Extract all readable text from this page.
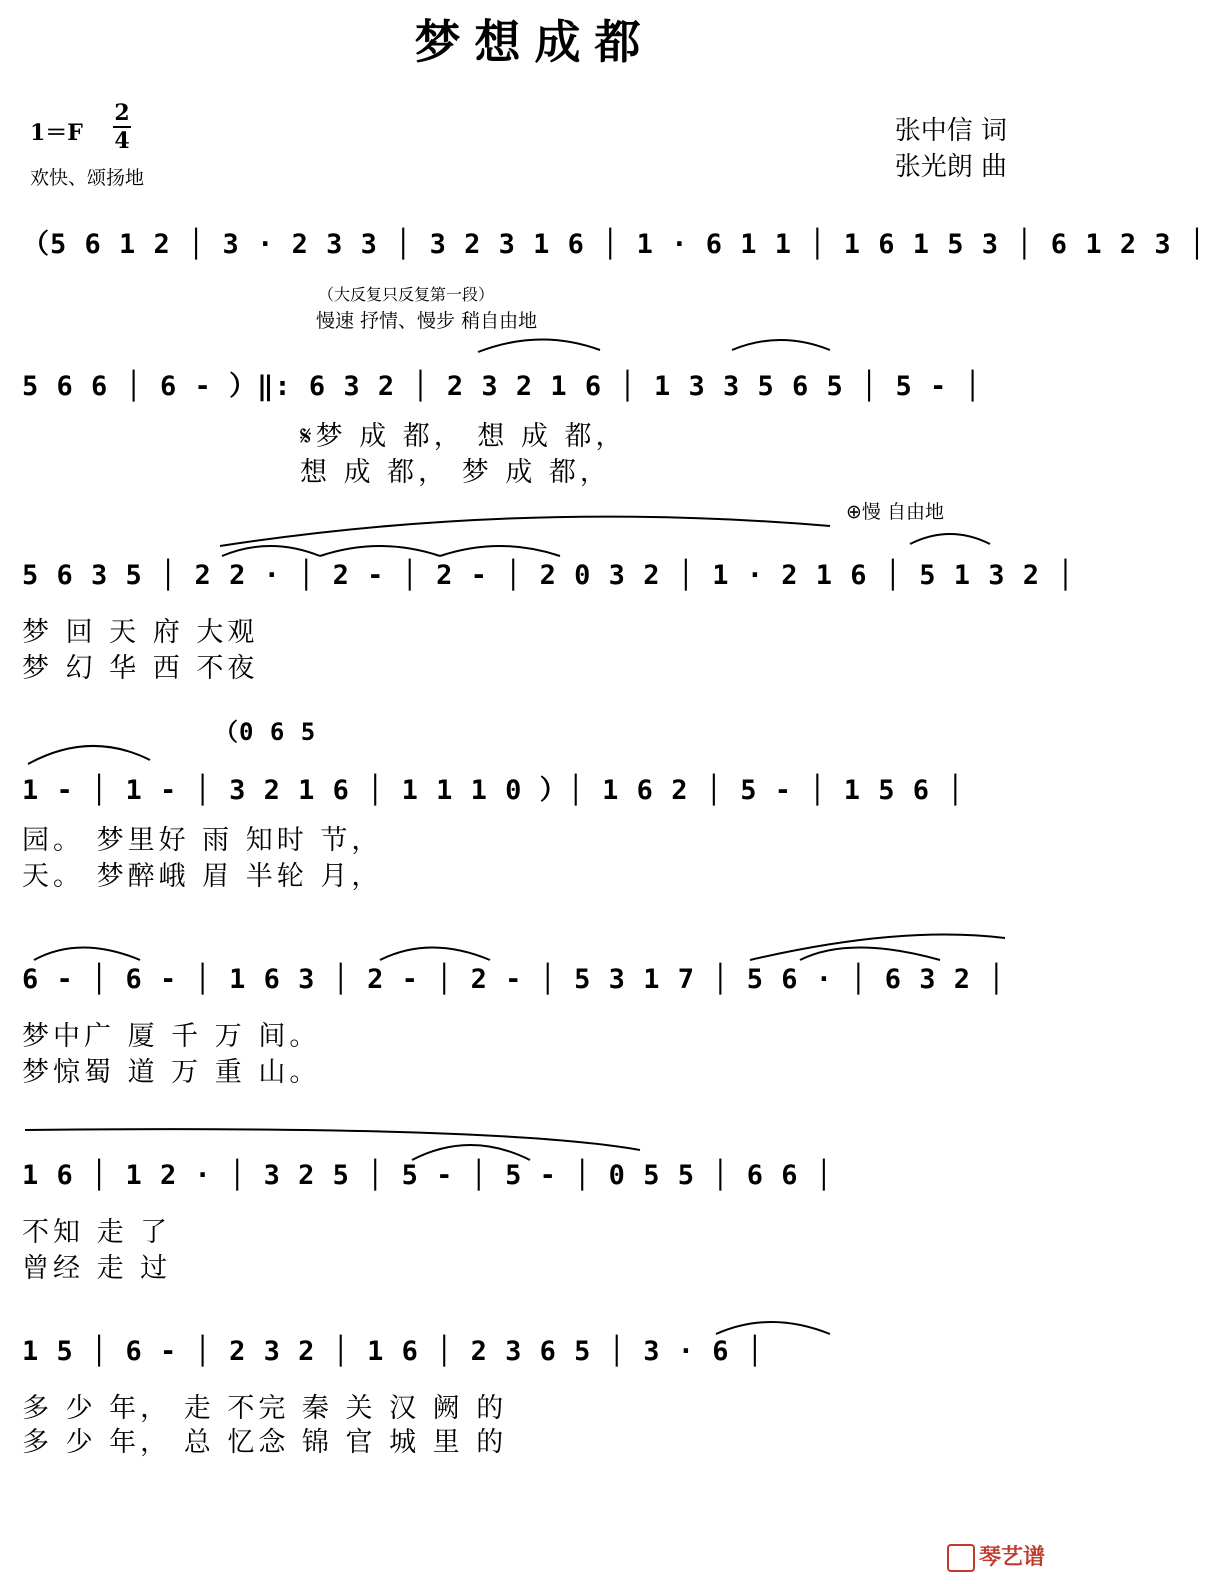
梦想成都
1＝F
2
4
欢快、颂扬地
张中信 词
张光朗 曲
（大反复只反复第一段）
慢速 抒情、慢步 稍自由地
⊕慢 自由地
（0 6 5
（5 6 1 2 │ 3 · 2 3 3 │ 3 2 3 1 6 │ 1 · 6 1 1 │ 1 6 1 5 3 │ 6 1 2 3 │
5 6 6 │ 6 - ）‖: 6 3 2 │ 2 3 2 1 6 │ 1 3 3 5 6 5 │ 5 - │
𝄋梦 成 都， 想 成 都，
想 成 都， 梦 成 都，
5 6 3 5 │ 2 2 · │ 2 - │ 2 - │ 2 0 3 2 │ 1 · 2 1 6 │ 5 1 3 2 │
梦 回 天 府 大观
梦 幻 华 西 不夜
1 - │ 1 - │ 3 2 1 6 │ 1 1 1 0 ）│ 1 6 2 │ 5 - │ 1 5 6 │
园。 梦里好 雨 知时 节，
天。 梦醉峨 眉 半轮 月，
6 - │ 6 - │ 1 6 3 │ 2 - │ 2 - │ 5 3 1 7 │ 5 6 · │ 6 3 2 │
梦中广 厦 千 万 间。
梦惊蜀 道 万 重 山。
1 6 │ 1 2 · │ 3 2 5 │ 5 - │ 5 - │ 0 5 5 │ 6 6 │
不知 走 了
曾经 走 过
1 5 │ 6 - │ 2 3 2 │ 1 6 │ 2 3 6 5 │ 3 · 6 │
多 少 年， 走 不完 秦 关 汉 阙 的
多 少 年， 总 忆念 锦 官 城 里 的
琴艺谱
